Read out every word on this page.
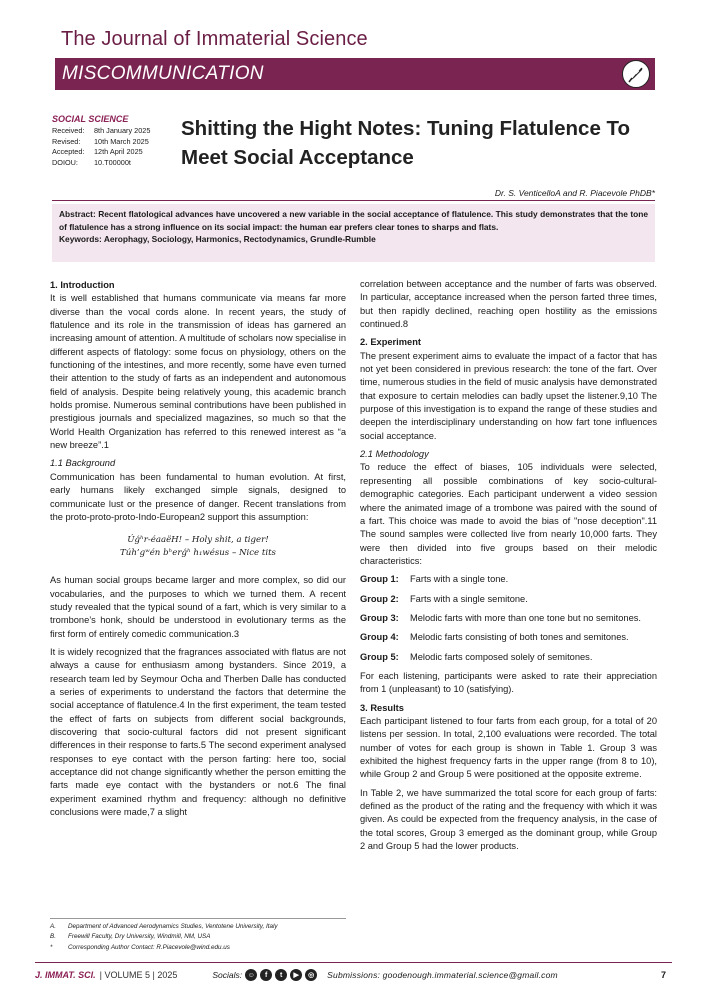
The Journal of Immaterial Science
MISCOMMUNICATION
SOCIAL SCIENCE
Received:	8th January 2025
Revised:	10th March 2025
Accepted:	12th April 2025
DOIOU:	10.T00000t
Shitting the Hight Notes: Tuning Flatulence To Meet Social Acceptance
Dr. S. VenticelloA and R. Piacevole PhDB*
Abstract: Recent flatological advances have uncovered a new variable in the social acceptance of flatulence. This study demonstrates that the tone of flatulence has a strong influence on its social impact: the human ear prefers clear tones to sharps and flats.
Keywords: Aerophagy, Sociology, Harmonics, Rectodynamics, Grundle-Rumble
1. Introduction

It is well established that humans communicate via means far more diverse than the vocal cords alone. In recent years, the study of flatulence and its role in the transmission of ideas has garnered an increasing amount of attention. A multitude of scholars now specialise in different aspects of flatology: some focus on physiology, others on the functioning of the intestines, and more recently, some have even turned their attention to the study of farts as an independent and autonomous field of analysis. Despite being relatively young, this academic branch holds promise. Numerous seminal contributions have been published in prestigious journals and specialized magazines, so much so that the World Health Organization has referred to this renewed interest as “a new breeze”.1

1.1 Background

Communication has been fundamental to human evolution. At first, early humans likely exchanged simple signals, designed to communicate lust or the presence of danger. Recent translations from the proto-proto-proto-Indo-European2 support this assumption:

Úǵʰr-éaaëH! – Holy shit, a tiger!
Túh’gʷén bʰerǵʰ h₁wésus – Nice tits

As human social groups became larger and more complex, so did our vocabularies, and the purposes to which we turned them. A recent study revealed that the typical sound of a fart, which is very similar to a trombone’s honk, should be understood in evolutionary terms as the first form of entirely comedic communication.3

It is widely recognized that the fragrances associated with flatus are not always a cause for enthusiasm among bystanders. Since 2019, a research team led by Seymour Ocha and Therben Dalle has conducted a series of experiments to understand the factors that determine the social acceptance of flatulence.4 In the first experiment, the team tested the effect of farts on subjects from different social backgrounds, discovering that socio-cultural factors did not present significant differences in their response to farts.5 The second experiment analysed responses to eye contact with the person farting: here too, social acceptance did not change significantly whether the person emitting the farts made eye contact with the bystanders or not.6 The final experiment examined rhythm and frequency: although no definitive conclusions were made,7 a slight

correlation between acceptance and the number of farts was observed. In particular, acceptance increased when the person farted three times, but then rapidly declined, reaching open hostility as the emissions continued.8

2. Experiment

The present experiment aims to evaluate the impact of a factor that has not yet been considered in previous research: the tone of the fart. Over time, numerous studies in the field of music analysis have demonstrated that exposure to certain melodies can badly upset the listener.9,10 The purpose of this investigation is to expand the range of these studies and deepen the interdisciplinary understanding on how fart tone influences social acceptance.

2.1 Methodology

To reduce the effect of biases, 105 individuals were selected, representing all possible combinations of key socio-cultural-demographic categories. Each participant underwent a video session where the animated image of a trombone was paired with the sound of a fart. This choice was made to avoid the bias of "nose deception".11 The sound samples were collected live from nearly 10,000 farts. They were then divided into five groups based on their melodic characteristics:

Group 1:	Farts with a single tone.
Group 2:	Farts with a single semitone.
Group 3:	Melodic farts with more than one tone but no semitones.
Group 4:	Melodic farts consisting of both tones and semitones.
Group 5:	Melodic farts composed solely of semitones.

For each listening, participants were asked to rate their appreciation from 1 (unpleasant) to 10 (satisfying).

3. Results

Each participant listened to four farts from each group, for a total of 20 listens per session. In total, 2,100 evaluations were recorded. The total number of votes for each group is shown in Table 1. Group 3 was exhibited the highest frequency farts in the upper range (from 8 to 10), while Group 2 and Group 5 were positioned at the opposite extreme.

In Table 2, we have summarized the total score for each group of farts: defined as the product of the rating and the frequency with which it was given. As could be expected from the frequency analysis, in the case of the total scores, Group 3 emerged as the dominant group, while Group 2 and Group 5 had the lower products.

A.	Department of Advanced Aerodynamics Studies, Ventotene University, Italy
B.	Freewill Faculty, Dry University, Windmill, NM, USA
*	Corresponding Author Contact: R.Piacevole@wind.edu.us
J. IMMAT. SCI. | VOLUME 5 | 2025	Socials: ☺	f	t	▶	◎	Submissions: goodenough.immaterial.science@gmail.com	7
